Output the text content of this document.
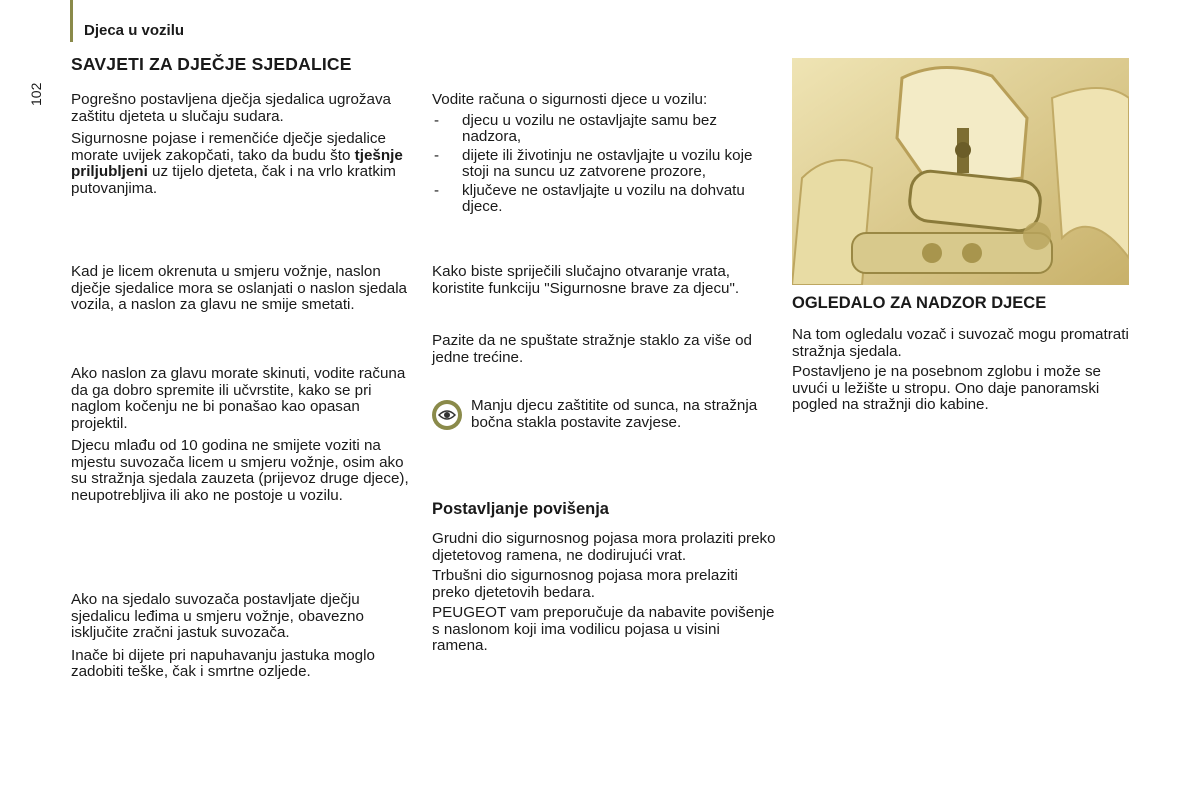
Djeca u vozilu
102
SAVJETI ZA DJEČJE SJEDALICE

Pogrešno postavljena dječja sjedalica ugrožava zaštitu djeteta u slučaju sudara.

Sigurnosne pojase i remenčiće dječje sjedalice morate uvijek zakopčati, tako da budu što tješnje priljubljeni uz tijelo djeteta, čak i na vrlo kratkim putovanjima.

Kad je licem okrenuta u smjeru vožnje, naslon dječje sjedalice mora se oslanjati o naslon sjedala vozila, a naslon za glavu ne smije smetati.

Ako naslon za glavu morate skinuti, vodite računa da ga dobro spremite ili učvrstite, kako se pri naglom kočenju ne bi ponašao kao opasan projektil.

Djecu mlađu od 10 godina ne smijete voziti na mjestu suvozača licem u smjeru vožnje, osim ako su stražnja sjedala zauzeta (prijevoz druge djece), neupotrebljiva ili ako ne postoje u vozilu.

Ako na sjedalo suvozača postavljate dječju sjedalicu leđima u smjeru vožnje, obavezno isključite zračni jastuk suvozača.

Inače bi dijete pri napuhavanju jastuka moglo zadobiti teške, čak i smrtne ozljede.

Vodite računa o sigurnosti djece u vozilu:

- djecu u vozilu ne ostavljajte samu bez nadzora,
- dijete ili životinju ne ostavljajte u vozilu koje stoji na suncu uz zatvorene prozore,
- ključeve ne ostavljajte u vozilu na dohvatu djece.
Kako biste spriječili slučajno otvaranje vrata, koristite funkciju "Sigurnosne brave za djecu".
Pazite da ne spuštate stražnje staklo za više od jedne trećine.
Manju djecu zaštitite od sunca, na stražnja bočna stakla postavite zavjese.
Postavljanje povišenja

Grudni dio sigurnosnog pojasa mora prolaziti preko djetetovog ramena, ne dodirujući vrat.

Trbušni dio sigurnosnog pojasa mora prelaziti preko djetetovih bedara.

PEUGEOT vam preporučuje da nabavite povišenje s naslonom koji ima vodilicu pojasa u visini ramena.

OGLEDALO ZA NADZOR DJECE

Na tom ogledalu vozač i suvozač mogu promatrati stražnja sjedala.

Postavljeno je na posebnom zglobu i može se uvući u ležište u stropu. Ono daje panoramski pogled na stražnji dio kabine.
